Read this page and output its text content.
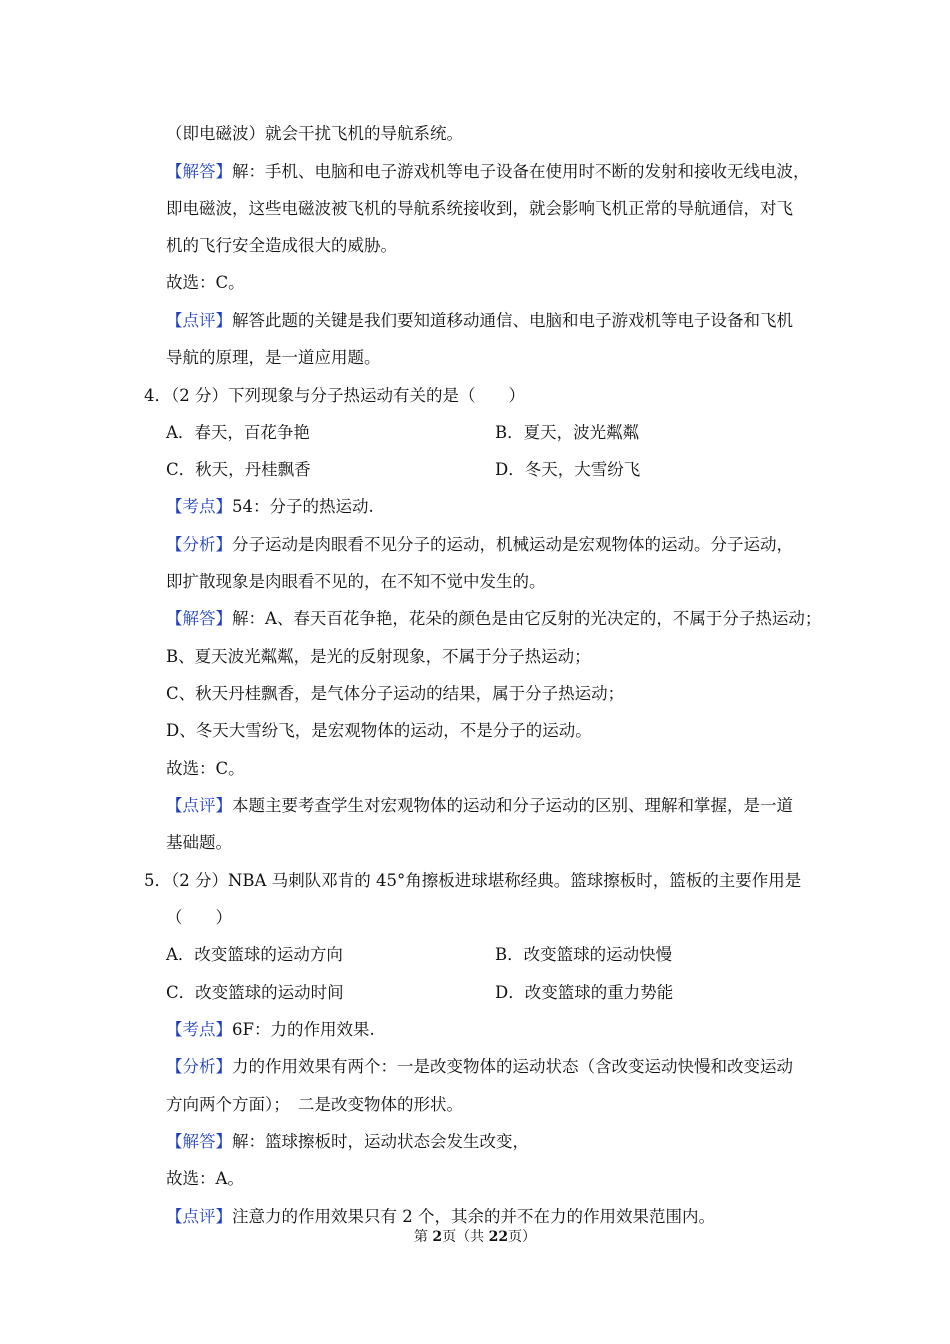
（即电磁波）就会干扰飞机的导航系统。
【解答】解：手机、电脑和电子游戏机等电子设备在使用时不断的发射和接收无线电波，
即电磁波，这些电磁波被飞机的导航系统接收到，就会影响飞机正常的导航通信，对飞
机的飞行安全造成很大的威胁。
故选：C。
【点评】解答此题的关键是我们要知道移动通信、电脑和电子游戏机等电子设备和飞机
导航的原理，是一道应用题。
4．（2 分）下列现象与分子热运动有关的是（　　）
A．春天，百花争艳	B．夏天，波光粼粼
C．秋天，丹桂飘香	D．冬天，大雪纷飞
【考点】54：分子的热运动.
【分析】分子运动是肉眼看不见分子的运动，机械运动是宏观物体的运动。分子运动，
即扩散现象是肉眼看不见的，在不知不觉中发生的。
【解答】解：A、春天百花争艳，花朵的颜色是由它反射的光决定的，不属于分子热运动；
B、夏天波光粼粼，是光的反射现象，不属于分子热运动；
C、秋天丹桂飘香，是气体分子运动的结果，属于分子热运动；
D、冬天大雪纷飞，是宏观物体的运动，不是分子的运动。
故选：C。
【点评】本题主要考查学生对宏观物体的运动和分子运动的区别、理解和掌握，是一道
基础题。
5．（2 分）NBA 马刺队邓肯的 45°角擦板进球堪称经典。篮球擦板时，篮板的主要作用是
（　　）
A．改变篮球的运动方向	B．改变篮球的运动快慢
C．改变篮球的运动时间	D．改变篮球的重力势能
【考点】6F：力的作用效果.
【分析】力的作用效果有两个：一是改变物体的运动状态（含改变运动快慢和改变运动
方向两个方面）；　二是改变物体的形状。
【解答】解：篮球擦板时，运动状态会发生改变，
故选：A。
【点评】注意力的作用效果只有 2 个，其余的并不在力的作用效果范围内。
第 2页（共 22页）
